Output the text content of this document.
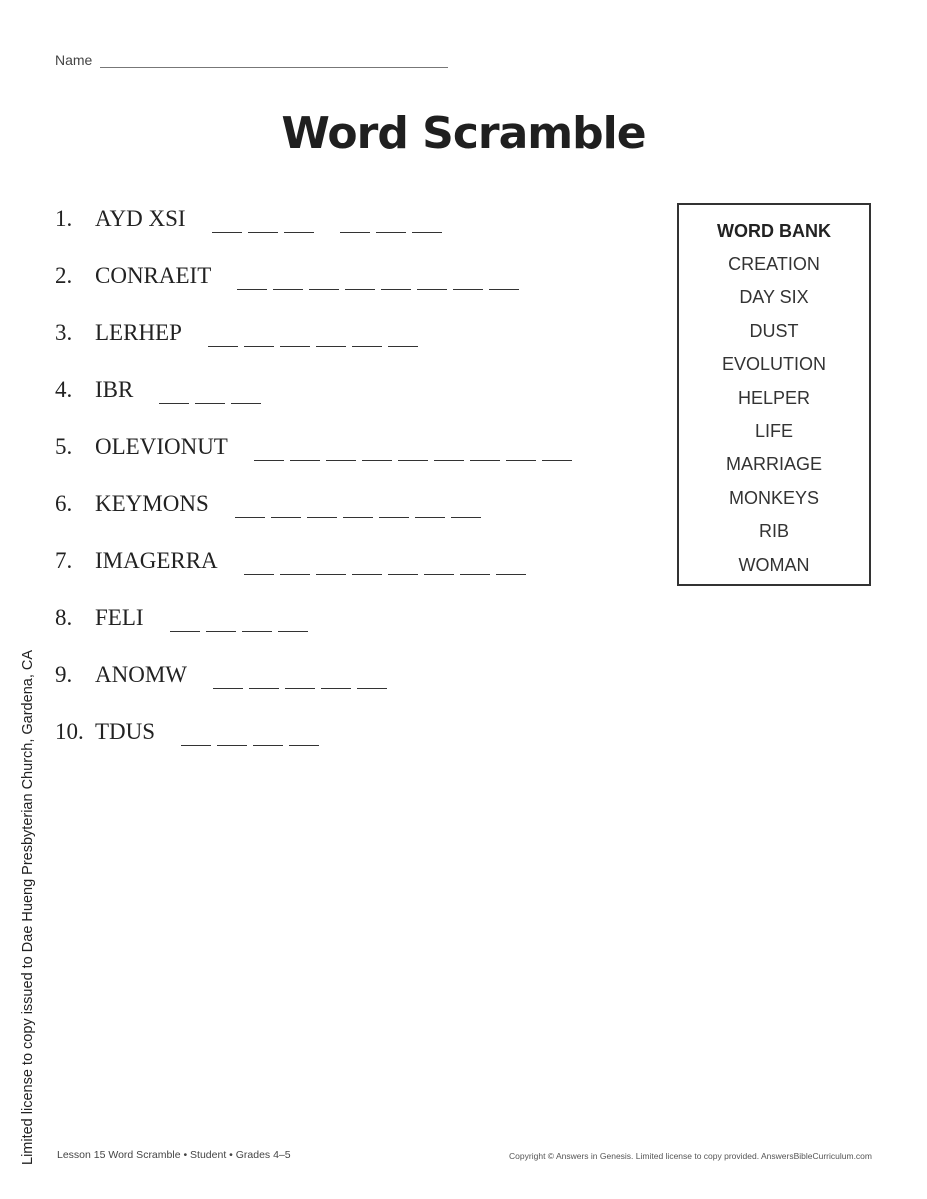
Name
Word Scramble
1. AYD XSI
2. CONRAEIT
3. LERHEP
4. IBR
5. OLEVIONUT
6. KEYMONS
7. IMAGERRA
8. FELI
9. ANOMW
10. TDUS
WORD BANK
CREATION
DAY SIX
DUST
EVOLUTION
HELPER
LIFE
MARRIAGE
MONKEYS
RIB
WOMAN
Limited license to copy issued to Dae Hueng Presbyterian Church, Gardena, CA Lesson 15 Word Scramble • Student • Grades 4–5	Copyright © Answers in Genesis. Limited license to copy provided. AnswersBibleCurriculum.com
